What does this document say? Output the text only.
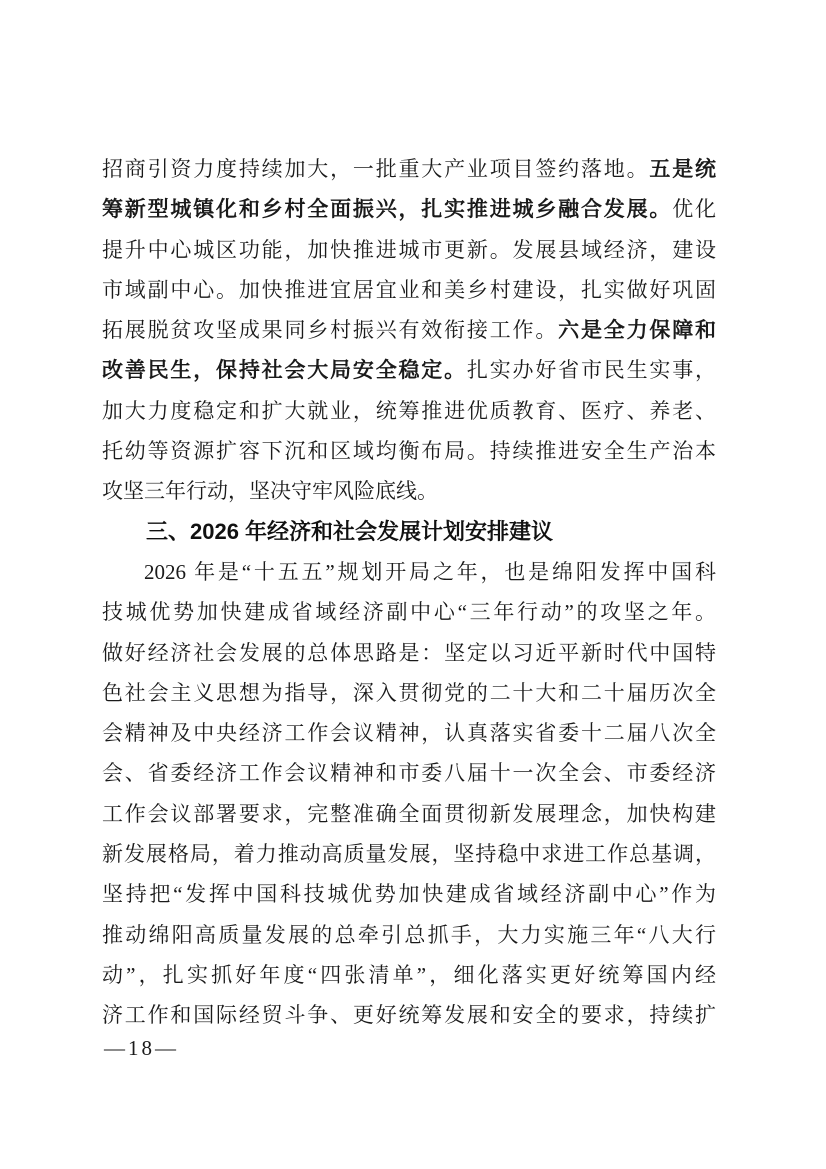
招商引资力度持续加大，一批重大产业项目签约落地。五是统
筹新型城镇化和乡村全面振兴，扎实推进城乡融合发展。优化
提升中心城区功能，加快推进城市更新。发展县域经济，建设
市域副中心。加快推进宜居宜业和美乡村建设，扎实做好巩固
拓展脱贫攻坚成果同乡村振兴有效衔接工作。六是全力保障和
改善民生，保持社会大局安全稳定。扎实办好省市民生实事，
加大力度稳定和扩大就业，统筹推进优质教育、医疗、养老、
托幼等资源扩容下沉和区域均衡布局。持续推进安全生产治本
攻坚三年行动，坚决守牢风险底线。
三、2026 年经济和社会发展计划安排建议
2026 年是“十五五”规划开局之年，也是绵阳发挥中国科
技城优势加快建成省域经济副中心“三年行动”的攻坚之年。
做好经济社会发展的总体思路是：坚定以习近平新时代中国特
色社会主义思想为指导，深入贯彻党的二十大和二十届历次全
会精神及中央经济工作会议精神，认真落实省委十二届八次全
会、省委经济工作会议精神和市委八届十一次全会、市委经济
工作会议部署要求，完整准确全面贯彻新发展理念，加快构建
新发展格局，着力推动高质量发展，坚持稳中求进工作总基调，
坚持把“发挥中国科技城优势加快建成省域经济副中心”作为
推动绵阳高质量发展的总牵引总抓手，大力实施三年“八大行
动”，扎实抓好年度“四张清单”，细化落实更好统筹国内经
济工作和国际经贸斗争、更好统筹发展和安全的要求，持续扩
—18—
